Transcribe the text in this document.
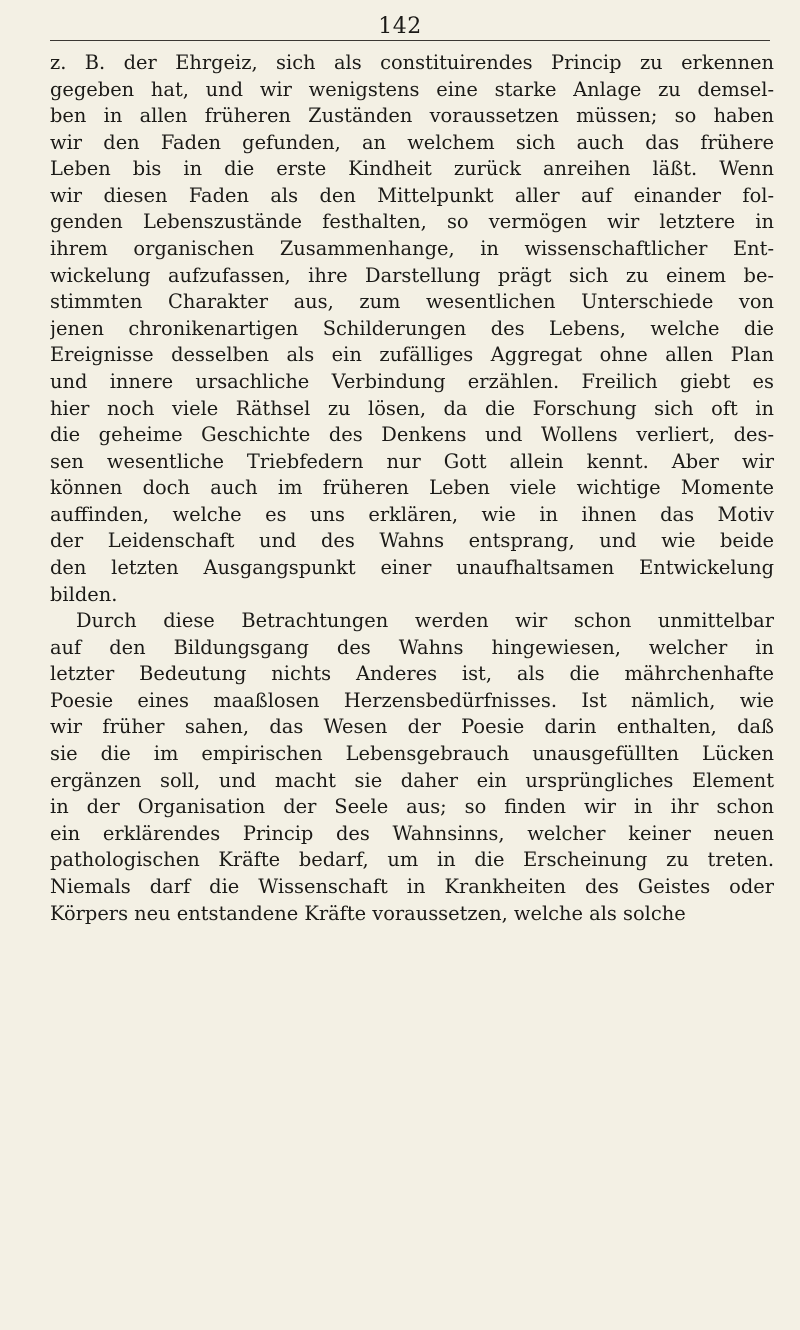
142
z. B. der Ehrgeiz, sich als constituirendes Princip zu erkennen
gegeben hat, und wir wenigstens eine starke Anlage zu demsel-
ben in allen früheren Zuständen voraussetzen müssen; so haben
wir den Faden gefunden, an welchem sich auch das frühere
Leben bis in die erste Kindheit zurück anreihen läßt. Wenn
wir diesen Faden als den Mittelpunkt aller auf einander fol-
genden Lebenszustände festhalten, so vermögen wir letztere in
ihrem organischen Zusammenhange, in wissenschaftlicher Ent-
wickelung aufzufassen, ihre Darstellung prägt sich zu einem be-
stimmten Charakter aus, zum wesentlichen Unterschiede von
jenen chronikenartigen Schilderungen des Lebens, welche die
Ereignisse desselben als ein zufälliges Aggregat ohne allen Plan
und innere ursachliche Verbindung erzählen. Freilich giebt es
hier noch viele Räthsel zu lösen, da die Forschung sich oft in
die geheime Geschichte des Denkens und Wollens verliert, des-
sen wesentliche Triebfedern nur Gott allein kennt. Aber wir
können doch auch im früheren Leben viele wichtige Momente
auffinden, welche es uns erklären, wie in ihnen das Motiv
der Leidenschaft und des Wahns entsprang, und wie beide
den letzten Ausgangspunkt einer unaufhaltsamen Entwickelung
bilden.
Durch diese Betrachtungen werden wir schon unmittelbar
auf den Bildungsgang des Wahns hingewiesen, welcher in
letzter Bedeutung nichts Anderes ist, als die mährchenhafte
Poesie eines maaßlosen Herzensbedürfnisses. Ist nämlich, wie
wir früher sahen, das Wesen der Poesie darin enthalten, daß
sie die im empirischen Lebensgebrauch unausgefüllten Lücken
ergänzen soll, und macht sie daher ein ursprüngliches Element
in der Organisation der Seele aus; so finden wir in ihr schon
ein erklärendes Princip des Wahnsinns, welcher keiner neuen
pathologischen Kräfte bedarf, um in die Erscheinung zu treten.
Niemals darf die Wissenschaft in Krankheiten des Geistes oder
Körpers neu entstandene Kräfte voraussetzen, welche als solche
